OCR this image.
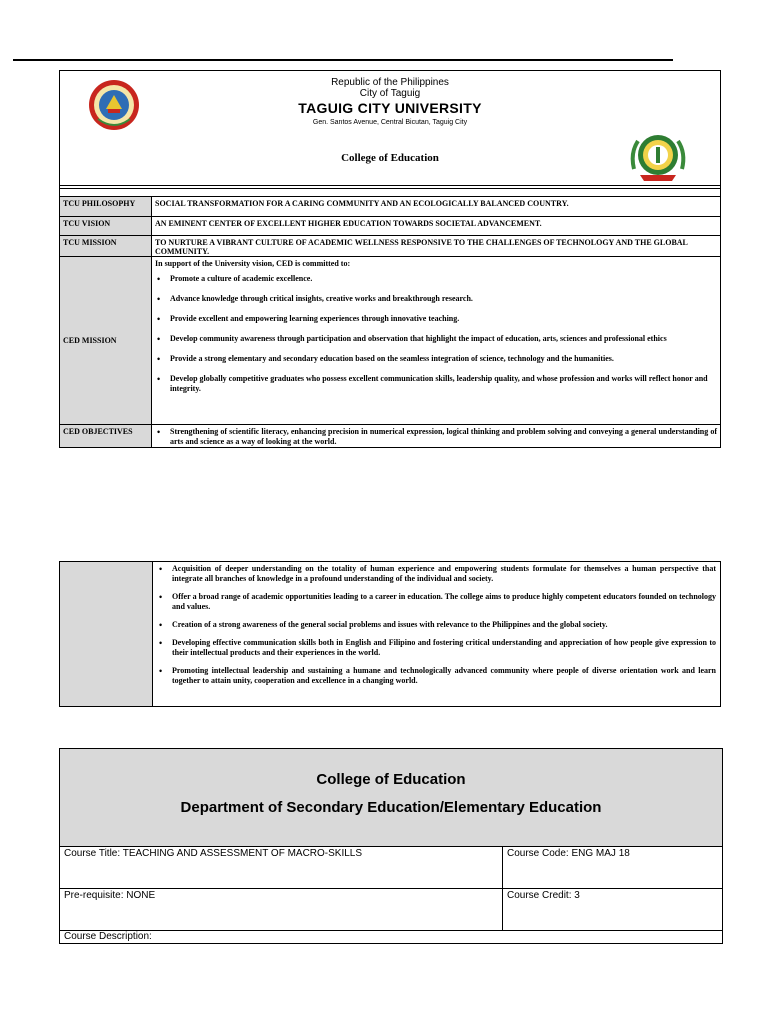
Republic of the Philippines
City of Taguig
TAGUIG CITY UNIVERSITY
Gen. Santos Avenue, Central Bicutan, Taguig City
College of Education
TCU PHILOSOPHY	SOCIAL TRANSFORMATION FOR A CARING COMMUNITY AND AN ECOLOGICALLY BALANCED COUNTRY.
TCU VISION	AN EMINENT CENTER OF EXCELLENT HIGHER EDUCATION TOWARDS SOCIETAL ADVANCEMENT.
TCU MISSION	TO NURTURE A VIBRANT CULTURE OF ACADEMIC WELLNESS RESPONSIVE TO THE CHALLENGES OF TECHNOLOGY AND THE GLOBAL COMMUNITY.
CED MISSION
In support of the University vision, CED is committed to:
• Promote a culture of academic excellence.
• Advance knowledge through critical insights, creative works and breakthrough research.
• Provide excellent and empowering learning experiences through innovative teaching.
• Develop community awareness through participation and observation that highlight the impact of education, arts, sciences and professional ethics
• Provide a strong elementary and secondary education based on the seamless integration of science, technology and the humanities.
• Develop globally competitive graduates who possess excellent communication skills, leadership quality, and whose profession and works will reflect honor and integrity.
CED OBJECTIVES
•	Strengthening of scientific literacy, enhancing precision in numerical expression, logical thinking and problem solving and conveying a general understanding of arts and science as a way of looking at the world.
• Acquisition of deeper understanding on the totality of human experience and empowering students formulate for themselves a human perspective that integrate all branches of knowledge in a profound understanding of the individual and society.
• Offer a broad range of academic opportunities leading to a career in education. The college aims to produce highly competent educators founded on technology and values.
• Creation of a strong awareness of the general social problems and issues with relevance to the Philippines and the global society.
• Developing effective communication skills both in English and Filipino and fostering critical understanding and appreciation of how people give expression to their intellectual products and their experiences in the world.
• Promoting intellectual leadership and sustaining a humane and technologically advanced community where people of diverse orientation work and learn together to attain unity, cooperation and excellence in a changing world.
College of Education
Department of Secondary Education/Elementary Education
Course Title: TEACHING AND ASSESSMENT OF MACRO-SKILLS	Course Code: ENG MAJ 18
Pre-requisite: NONE	Course Credit: 3
Course Description:
